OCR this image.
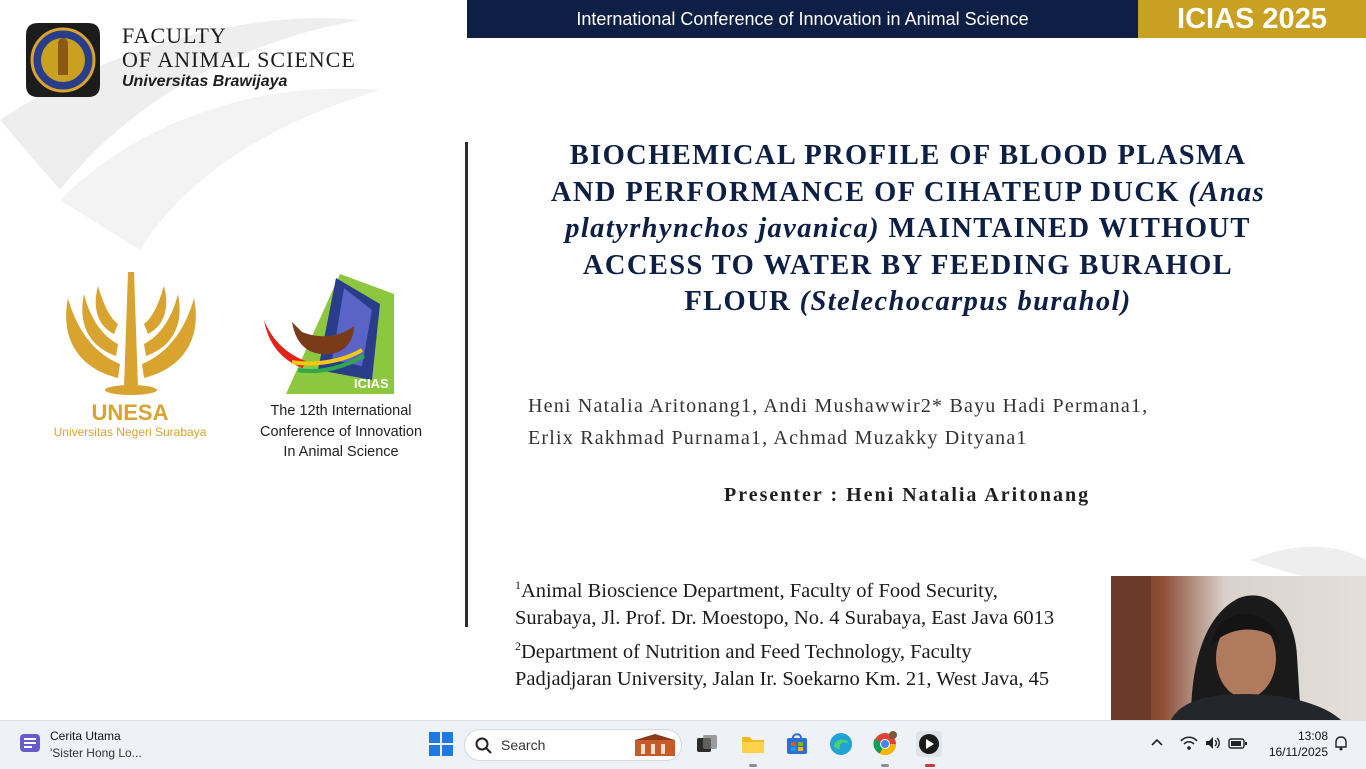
FACULTY
OF ANIMAL SCIENCE
Universitas Brawijaya
International Conference of Innovation in Animal Science	ICIAS 2025
UNESA
Universitas Negeri Surabaya
ICIAS
The 12th International
Conference of Innovation
In Animal Science
BIOCHEMICAL PROFILE OF BLOOD PLASMA
AND PERFORMANCE OF CIHATEUP DUCK (Anas
platyrhynchos javanica) MAINTAINED WITHOUT
ACCESS TO WATER BY FEEDING BURAHOL
FLOUR (Stelechocarpus burahol)
Heni Natalia Aritonang1, Andi Mushawwir2* Bayu Hadi Permana1,
Erlix Rakhmad Purnama1, Achmad Muzakky Dityana1
Presenter : Heni Natalia Aritonang
$^1$Animal Bioscience Department, Faculty of Food Security,
Surabaya, Jl. Prof. Dr. Moestopo, No. 4 Surabaya, East Java 6013
$^2$Department of Nutrition and Feed Technology, Faculty
Padjadjaran University, Jalan Ir. Soekarno Km. 21, West Java, 45
Cerita Utama
'Sister Hong Lo...	Search
13:08
16/11/2025
